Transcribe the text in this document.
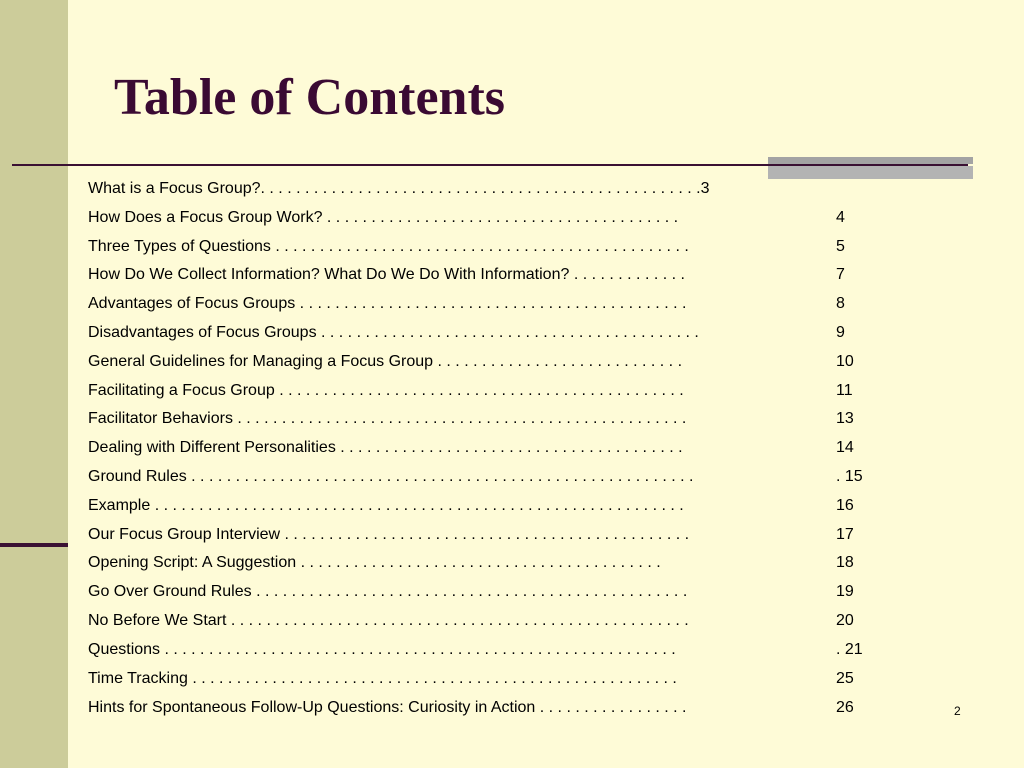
Table of Contents
What is a Focus Group?. . . . . . . . . . . . . . . . . . . . . . . . . . . . . . . . . . . . . . . . . . . . . . . . . .3
How Does a Focus Group Work? . . . . . . . . . . . . . . . . . . . . . . . . . . . . . . . . . . . . . . . .	4
Three Types of Questions . . . . . . . . . . . . . . . . . . . . . . . . . . . . . . . . . . . . . . . . . . . . . . .	5
How Do We Collect Information? What Do We Do With Information? . . . . . . . . . . . . .	7
Advantages of Focus Groups . . . . . . . . . . . . . . . . . . . . . . . . . . . . . . . . . . . . . . . . . . . .	8
Disadvantages of Focus Groups . . . . . . . . . . . . . . . . . . . . . . . . . . . . . . . . . . . . . . . . . . .	9
General Guidelines for Managing a Focus Group . . . . . . . . . . . . . . . . . . . . . . . . . . . .	10
Facilitating a Focus Group . . . . . . . . . . . . . . . . . . . . . . . . . . . . . . . . . . . . . . . . . . . . . .	11
Facilitator Behaviors . . . . . . . . . . . . . . . . . . . . . . . . . . . . . . . . . . . . . . . . . . . . . . . . . . .	13
Dealing with Different Personalities . . . . . . . . . . . . . . . . . . . . . . . . . . . . . . . . . . . . . . .	14
Ground Rules . . . . . . . . . . . . . . . . . . . . . . . . . . . . . . . . . . . . . . . . . . . . . . . . . . . . . . . . .	. 15
Example . . . . . . . . . . . . . . . . . . . . . . . . . . . . . . . . . . . . . . . . . . . . . . . . . . . . . . . . . . . .	16
Our Focus Group Interview . . . . . . . . . . . . . . . . . . . . . . . . . . . . . . . . . . . . . . . . . . . . . .	17
Opening Script: A Suggestion . . . . . . . . . . . . . . . . . . . . . . . . . . . . . . . . . . . . . . . . .	18
Go Over Ground Rules . . . . . . . . . . . . . . . . . . . . . . . . . . . . . . . . . . . . . . . . . . . . . . . . .	19
No Before We Start . . . . . . . . . . . . . . . . . . . . . . . . . . . . . . . . . . . . . . . . . . . . . . . . . . . .	20
Questions . . . . . . . . . . . . . . . . . . . . . . . . . . . . . . . . . . . . . . . . . . . . . . . . . . . . . . . . . .	. 21
Time Tracking . . . . . . . . . . . . . . . . . . . . . . . . . . . . . . . . . . . . . . . . . . . . . . . . . . . . . . .	25
Hints for Spontaneous Follow-Up Questions: Curiosity in Action . . . . . . . . . . . . . . . . .	26	2
